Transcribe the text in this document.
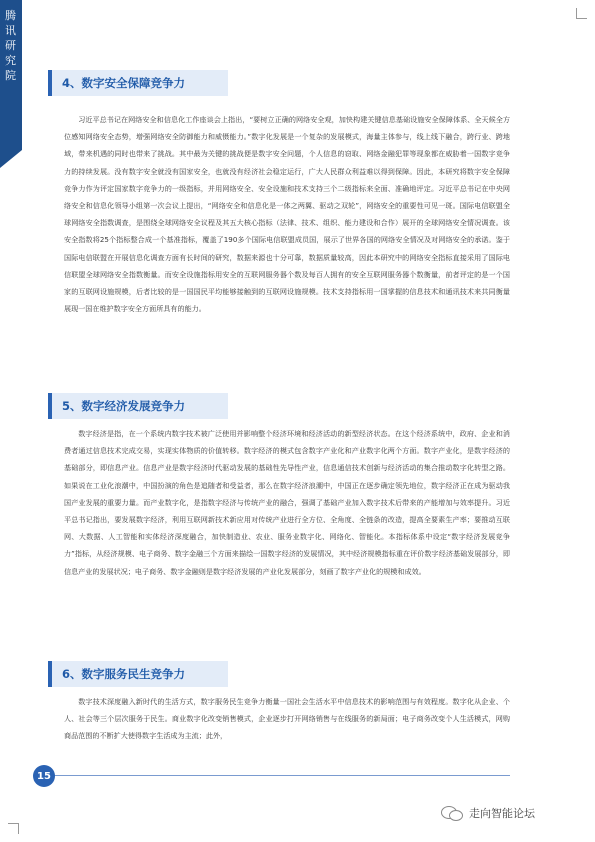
腾讯研究院
4、数字安全保障竞争力

习近平总书记在网络安全和信息化工作座谈会上指出，“要树立正确的网络安全观，加快构建关键信息基础设施安全保障体系、全天候全方位感知网络安全态势，增强网络安全防御能力和威慑能力。”数字化发展是一个复杂的发展模式，海量主体参与，线上线下融合，跨行业、跨地域，带来机遇的同时也带来了挑战。其中最为关键的挑战便是数字安全问题，个人信息的窃取、网络金融犯罪等现象都在威胁着一国数字竞争力的持续发展。没有数字安全就没有国家安全，也就没有经济社会稳定运行，广大人民群众利益难以得到保障。因此，本研究将数字安全保障竞争力作为评定国家数字竞争力的一级指标，并用网络安全、安全设施和技术支持三个二级指标来全面、准确地评定。习近平总书记在中央网络安全和信息化领导小组第一次会议上提出，“网络安全和信息化是一体之两翼、驱动之双轮”，网络安全的重要性可见一斑。国际电信联盟全球网络安全指数调查，是围绕全球网络安全议程及其五大核心指标（法律、技术、组织、能力建设和合作）展开的全球网络安全情况调查。该安全指数将25个指标整合成一个基准指标，覆盖了190多个国际电信联盟成员国，展示了世界各国的网络安全情况及对网络安全的承诺。鉴于国际电信联盟在开展信息化调查方面有长时间的研究，数据来源也十分可靠，数据质量较高，因此本研究中的网络安全指标直接采用了国际电信联盟全球网络安全指数衡量。而安全设施指标用安全的互联网服务器个数及每百人拥有的安全互联网服务器个数衡量，前者评定的是一个国家的互联网设施规模，后者比较的是一国国民平均能够接触到的互联网设施规模。技术支持指标用一国掌握的信息技术和通讯技术来共同衡量展现一国在维护数字安全方面所具有的能力。

5、数字经济发展竞争力

数字经济是指，在一个系统内数字技术被广泛使用并影响整个经济环境和经济活动的新型经济状态。在这个经济系统中，政府、企业和消费者通过信息技术完成交易，实现实体物质的价值转移。数字经济的模式包含数字产业化和产业数字化两个方面。数字产业化，是数字经济的基础部分，即信息产业。信息产业是数字经济时代驱动发展的基础性先导性产业，信息通信技术创新与经济活动的集合推动数字化转型之路。如果说在工业化浪潮中，中国扮演的角色是追随者和受益者，那么在数字经济浪潮中，中国正在逐步确定领先地位，数字经济正在成为驱动我国产业发展的重要力量。而产业数字化，是指数字经济与传统产业的融合，强调了基础产业加入数字技术后带来的产能增加与效率提升。习近平总书记指出，要发展数字经济，利用互联网新技术新应用对传统产业进行全方位、全角度、全链条的改造，提高全要素生产率；要推动互联网、大数据、人工智能和实体经济深度融合，加快制造业、农业、服务业数字化、网络化、智能化。本指标体系中设定“数字经济发展竞争力”指标，从经济规模、电子商务、数字金融三个方面来描绘一国数字经济的发展情况，其中经济规模指标重在评价数字经济基础发展部分，即信息产业的发展状况；电子商务、数字金融则是数字经济发展的产业化发展部分，刻画了数字产业化的规模和成效。

6、数字服务民生竞争力

数字技术深度融入新时代的生活方式，数字服务民生竞争力衡量一国社会生活水平中信息技术的影响范围与有效程度。数字化从企业、个人、社会等三个层次服务于民生。商业数字化改变销售模式，企业逐步打开网络销售与在线服务的新局面；电子商务改变个人生活模式，网购商品范围的不断扩大使得数字生活成为主流；此外，

15
走向智能论坛
